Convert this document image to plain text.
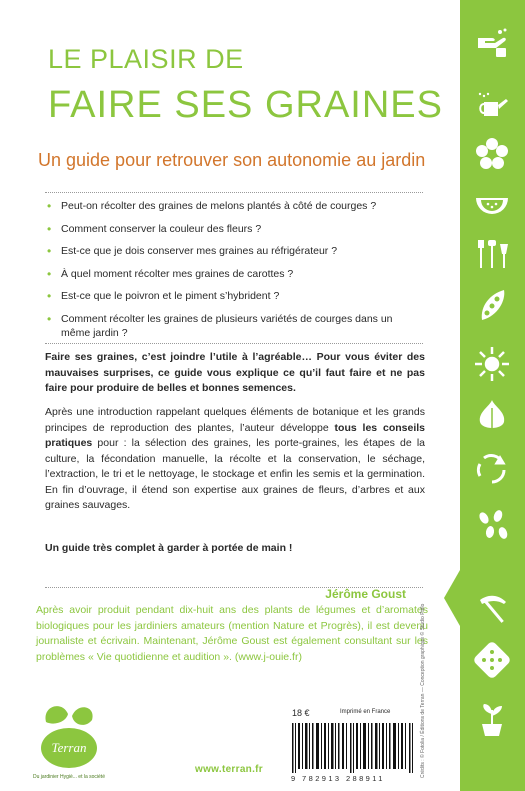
LE PLAISIR DE
FAIRE SES GRAINES
Un guide pour retrouver son autonomie au jardin
• Peut-on récolter des graines de melons plantés à côté de courges ?
• Comment conserver la couleur des fleurs ?
• Est-ce que je dois conserver mes graines au réfrigérateur ?
• À quel moment récolter mes graines de carottes ?
• Est-ce que le poivron et le piment s’hybrident ?
• Comment récolter les graines de plusieurs variétés de courges dans un même jardin ?
Faire ses graines, c’est joindre l’utile à l’agréable… Pour vous éviter des mauvaises surprises, ce guide vous explique ce qu’il faut faire et ne pas faire pour produire de belles et bonnes semences.
Après une introduction rappelant quelques éléments de botanique et les grands principes de reproduction des plantes, l’auteur développe tous les conseils pratiques pour : la sélection des graines, les porte-graines, les étapes de la culture, la fécondation manuelle, la récolte et la conservation, le séchage, l’extraction, le tri et le nettoyage, le stockage et enfin les semis et la germination. En fin d’ouvrage, il étend son expertise aux graines de fleurs, d’arbres et aux graines sauvages.
Un guide très complet à garder à portée de main !
Jérôme Goust
Après avoir produit pendant dix-huit ans des plants de légumes et d’aromates biologiques pour les jardiniers amateurs (mention Nature et Progrès), il est devenu journaliste et écrivain. Maintenant, Jérôme Goust est également consultant sur les problèmes « Vie quotidienne et audition ». (www.j-ouie.fr)
Terran
Du jardinier Hygiè... et la société
www.terran.fr
18 €	Imprimé en France
9 782913 288911
Crédits : © Fotolia / Éditions de Terran — Conception graphique © Studio Pollo
